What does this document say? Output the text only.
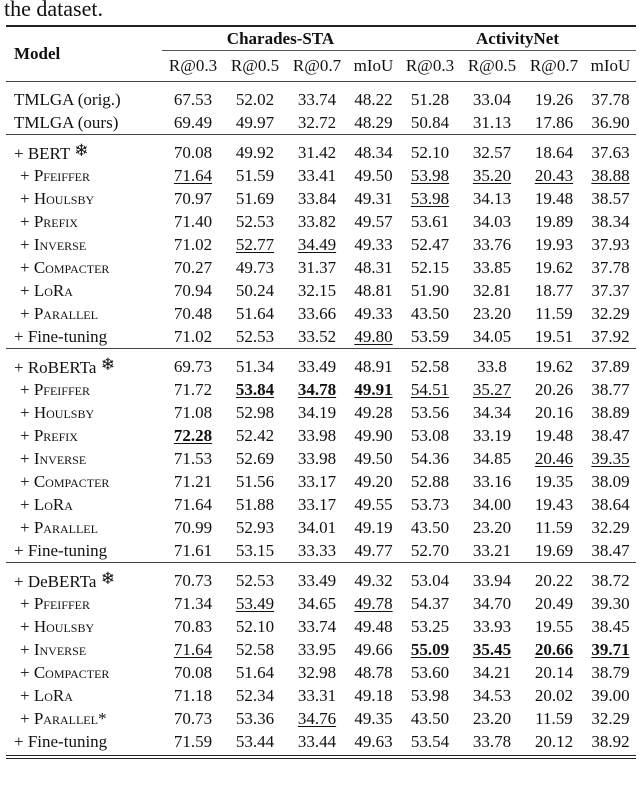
the dataset.
Model	Charades-STA				ActivityNet			
	R@0.3	R@0.5	R@0.7	mIoU	R@0.3	R@0.5	R@0.7	mIoU
TMLGA (orig.)	67.53	52.02	33.74	48.22	51.28	33.04	19.26	37.78
TMLGA (ours)	69.49	49.97	32.72	48.29	50.84	31.13	17.86	36.90
+ BERT ❄	70.08	49.92	31.42	48.34	52.10	32.57	18.64	37.63
+ Pfeiffer	71.64	51.59	33.41	49.50	53.98	35.20	20.43	38.88
+ Houlsby	70.97	51.69	33.84	49.31	53.98	34.13	19.48	38.57
+ Prefix	71.40	52.53	33.82	49.57	53.61	34.03	19.89	38.34
+ Inverse	71.02	52.77	34.49	49.33	52.47	33.76	19.93	37.93
+ Compacter	70.27	49.73	31.37	48.31	52.15	33.85	19.62	37.78
+ LoRa	70.94	50.24	32.15	48.81	51.90	32.81	18.77	37.37
+ Parallel	70.48	51.64	33.66	49.33	43.50	23.20	11.59	32.29
+ Fine-tuning	71.02	52.53	33.52	49.80	53.59	34.05	19.51	37.92
+ RoBERTa ❄	69.73	51.34	33.49	48.91	52.58	33.8	19.62	37.89
+ Pfeiffer	71.72	53.84	34.78	49.91	54.51	35.27	20.26	38.77
+ Houlsby	71.08	52.98	34.19	49.28	53.56	34.34	20.16	38.89
+ Prefix	72.28	52.42	33.98	49.90	53.08	33.19	19.48	38.47
+ Inverse	71.53	52.69	33.98	49.50	54.36	34.85	20.46	39.35
+ Compacter	71.21	51.56	33.17	49.20	52.88	33.16	19.35	38.09
+ LoRa	71.64	51.88	33.17	49.55	53.73	34.00	19.43	38.64
+ Parallel	70.99	52.93	34.01	49.19	43.50	23.20	11.59	32.29
+ Fine-tuning	71.61	53.15	33.33	49.77	52.70	33.21	19.69	38.47
+ DeBERTa ❄	70.73	52.53	33.49	49.32	53.04	33.94	20.22	38.72
+ Pfeiffer	71.34	53.49	34.65	49.78	54.37	34.70	20.49	39.30
+ Houlsby	70.83	52.10	33.74	49.48	53.25	33.93	19.55	38.45
+ Inverse	71.64	52.58	33.95	49.66	55.09	35.45	20.66	39.71
+ Compacter	70.08	51.64	32.98	48.78	53.60	34.21	20.14	38.79
+ LoRa	71.18	52.34	33.31	49.18	53.98	34.53	20.02	39.00
+ Parallel*	70.73	53.36	34.76	49.35	43.50	23.20	11.59	32.29
+ Fine-tuning	71.59	53.44	33.44	49.63	53.54	33.78	20.12	38.92
